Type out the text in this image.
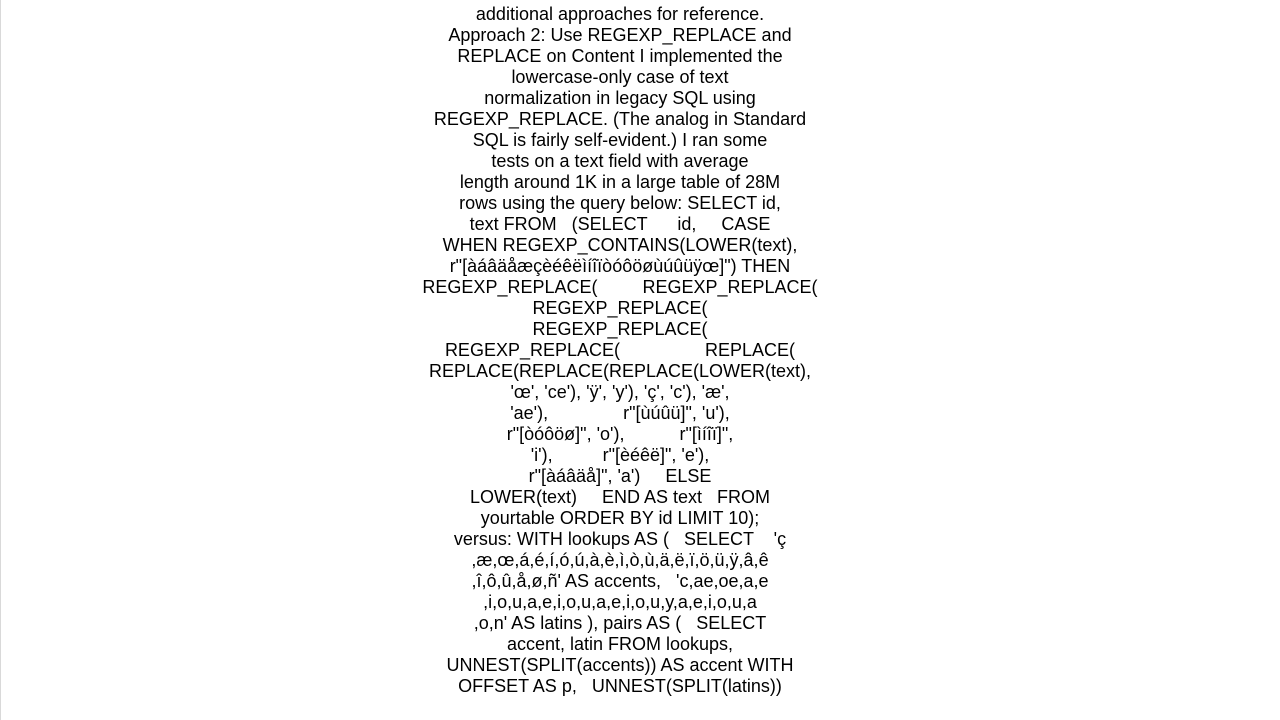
additional approaches for reference.
Approach 2: Use REGEXP_REPLACE and
REPLACE on Content I implemented the
lowercase-only case of text
normalization in legacy SQL using
REGEXP_REPLACE. (The analog in Standard
SQL is fairly self-evident.) I ran some
tests on a text field with average
length around 1K in a large table of 28M
rows using the query below: SELECT id,
text FROM   (SELECT      id,     CASE
WHEN REGEXP_CONTAINS(LOWER(text),
r"[àáâäåæçèéêëìíîïòóôöøùúûüÿœ]") THEN
REGEXP_REPLACE(         REGEXP_REPLACE(
REGEXP_REPLACE(
REGEXP_REPLACE(
REGEXP_REPLACE(                 REPLACE(
REPLACE(REPLACE(REPLACE(LOWER(text),
'œ', 'ce'), 'ÿ', 'y'), 'ç', 'c'), 'æ',
'ae'),               r"[ùúûü]", 'u'),
r"[òóôöø]", 'o'),           r"[ìíîï]",
'i'),          r"[èéêë]", 'e'),
r"[àáâäå]", 'a')     ELSE
LOWER(text)     END AS text   FROM
yourtable ORDER BY id LIMIT 10);
versus: WITH lookups AS (   SELECT    'ç
,æ,œ,á,é,í,ó,ú,à,è,ì,ò,ù,ä,ë,ï,ö,ü,ÿ,â,ê
,î,ô,û,å,ø,ñ' AS accents,   'c,ae,oe,a,e
,i,o,u,a,e,i,o,u,a,e,i,o,u,y,a,e,i,o,u,a
,o,n' AS latins ), pairs AS (   SELECT
accent, latin FROM lookups,
UNNEST(SPLIT(accents)) AS accent WITH
OFFSET AS p,   UNNEST(SPLIT(latins))
